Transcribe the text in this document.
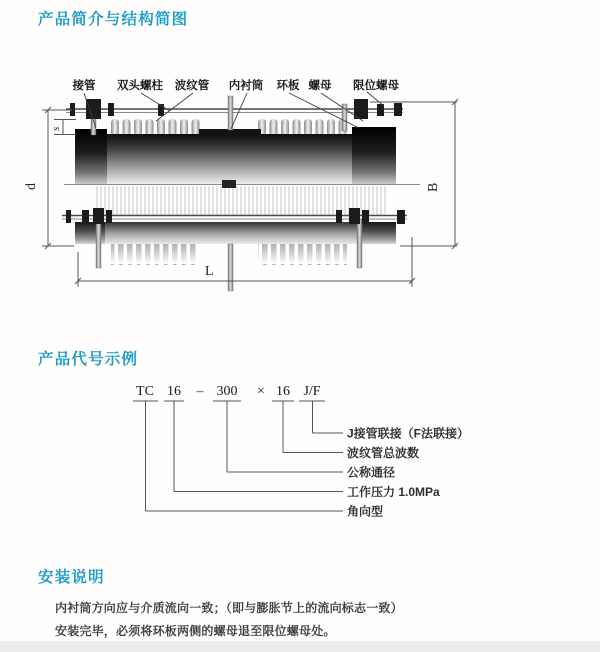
产品简介与结构简图
d
s
B
L
接管 双头螺柱 波纹管 内衬筒 环板 螺母 限位螺母
TC 16 – 300 × 16 J/F
J接管联接（F法联接）
波纹管总波数
公称通径
工作压力 1.0MPa
角向型
产品代号示例
安装说明
内衬筒方向应与介质流向一致；（即与膨胀节上的流向标志一致）
安装完毕，必须将环板两侧的螺母退至限位螺母处。
